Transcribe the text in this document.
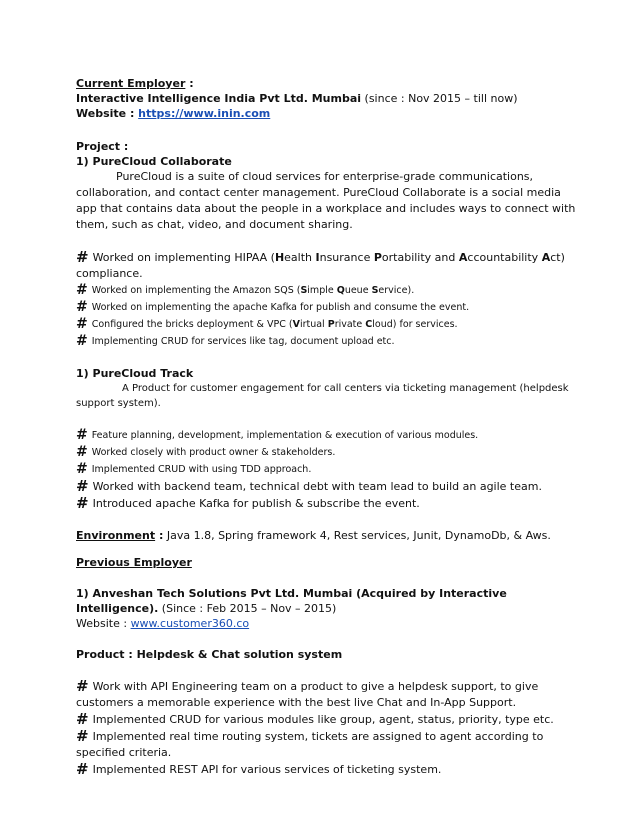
Current Employer :
Interactive Intelligence India Pvt Ltd. Mumbai (since : Nov 2015 – till now)
Website : https://www.inin.com
Project :
1) PureCloud Collaborate
PureCloud is a suite of cloud services for enterprise-grade communications, collaboration, and contact center management. PureCloud Collaborate is a social media app that contains data about the people in a workplace and includes ways to connect with them, such as chat, video, and document sharing.
# Worked on implementing HIPAA (Health Insurance Portability and Accountability Act)
compliance.
# Worked on implementing the Amazon SQS (Simple Queue Service).
# Worked on implementing the apache Kafka for publish and consume the event.
# Configured the bricks deployment & VPC (Virtual Private Cloud) for services.
# Implementing CRUD for services like tag, document upload etc.
1) PureCloud Track
A Product for customer engagement for call centers via ticketing management (helpdesk support system).
# Feature planning, development, implementation & execution of various modules.
# Worked closely with product owner & stakeholders.
# Implemented CRUD with using TDD approach.
# Worked with backend team, technical debt with team lead to build an agile team.
# Introduced apache Kafka for publish & subscribe the event.
Environment : Java 1.8, Spring framework 4, Rest services, Junit, DynamoDb, & Aws.
Previous Employer
1) Anveshan Tech Solutions Pvt Ltd. Mumbai (Acquired by Interactive
Intelligence). (Since : Feb 2015 – Nov – 2015)
Website : www.customer360.co
Product : Helpdesk & Chat solution system
# Work with API Engineering team on a product to give a helpdesk support, to give customers a memorable experience with the best live Chat and In-App Support.
# Implemented CRUD for various modules like group, agent, status, priority, type etc.
# Implemented real time routing system, tickets are assigned to agent according to specified criteria.
# Implemented REST API for various services of ticketing system.
